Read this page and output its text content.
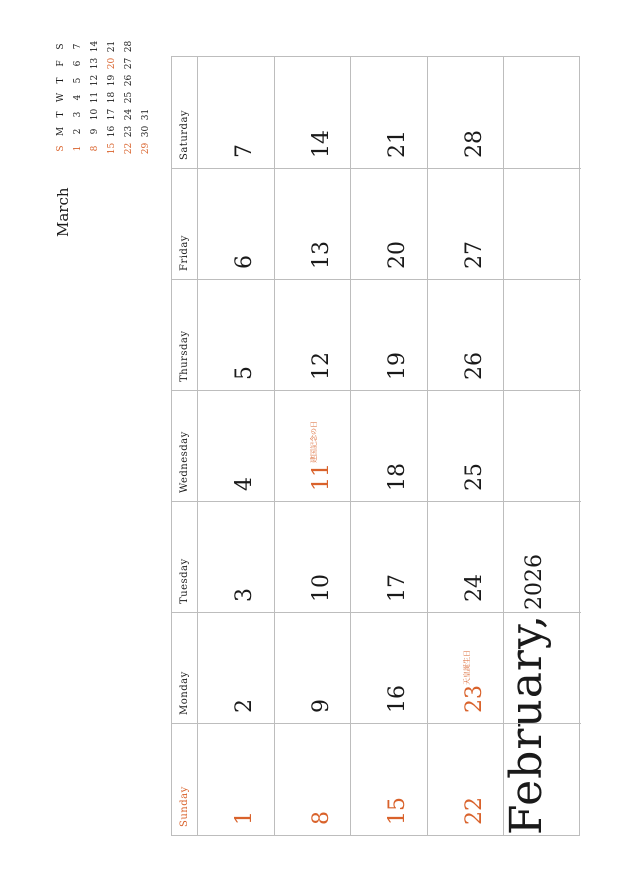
February,2026
March
S
M
T
W
T
F
S
1
2
3
4
5
6
7
8
9
10
11
12
13
14
15
16
17
18
19
20
21
22
23
24
25
26
27
28
29
30
31
Sunday
Monday
Tuesday
Wednesday
Thursday
Friday
Saturday
1
2
3
4
5
6
7
8
9
10
11
建国記念の日
12
13
14
15
16
17
18
19
20
21
22
23
天皇誕生日
24
25
26
27
28
